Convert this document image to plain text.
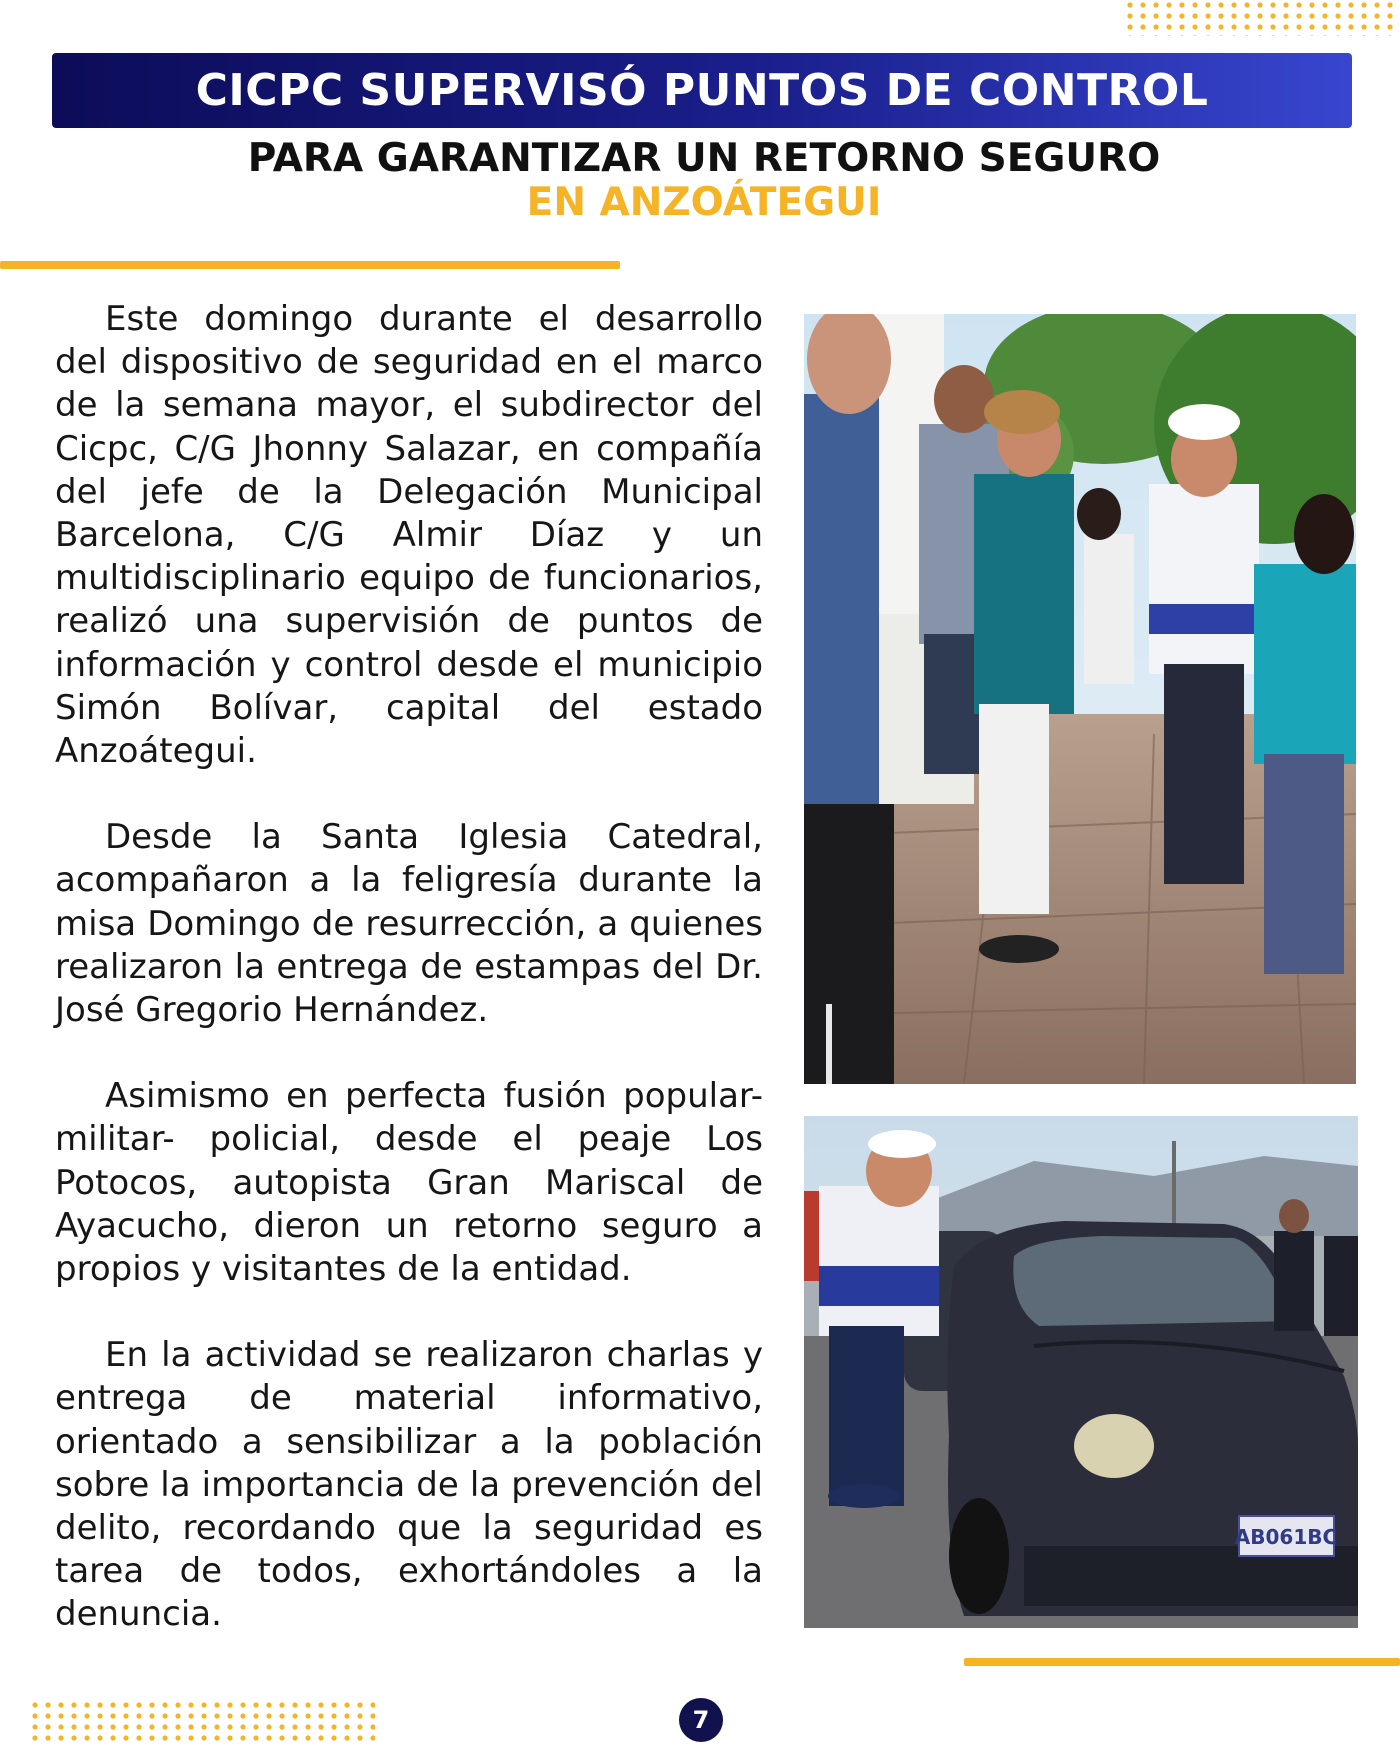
CICPC SUPERVISÓ PUNTOS DE CONTROL
PARA GARANTIZAR UN RETORNO SEGURO
EN ANZOÁTEGUI

Este domingo durante el desarrollo del dispositivo de seguridad en el marco de la semana mayor, el subdirector del Cicpc, C/G Jhonny Salazar, en compañía del jefe de la Delegación Municipal Barcelona, C/G Almir Díaz y un multidisciplinario equipo de funcionarios, realizó una supervisión de puntos de información y control desde el municipio Simón Bolívar, capital del estado Anzoátegui.

Desde la Santa Iglesia Catedral, acompañaron a la feligresía durante la misa Domingo de resurrección, a quienes realizaron la entrega de estampas del Dr. José Gregorio Hernández.

Asimismo en perfecta fusión popular-militar- policial, desde el peaje Los Potocos, autopista Gran Mariscal de Ayacucho, dieron un retorno seguro a propios y visitantes de la entidad.

En la actividad se realizaron charlas y entrega de material informativo, orientado a sensibilizar a la población sobre la importancia de la prevención del delito, recordando que la seguridad es tarea de todos, exhortándoles a la denuncia.

AB061BC
7
